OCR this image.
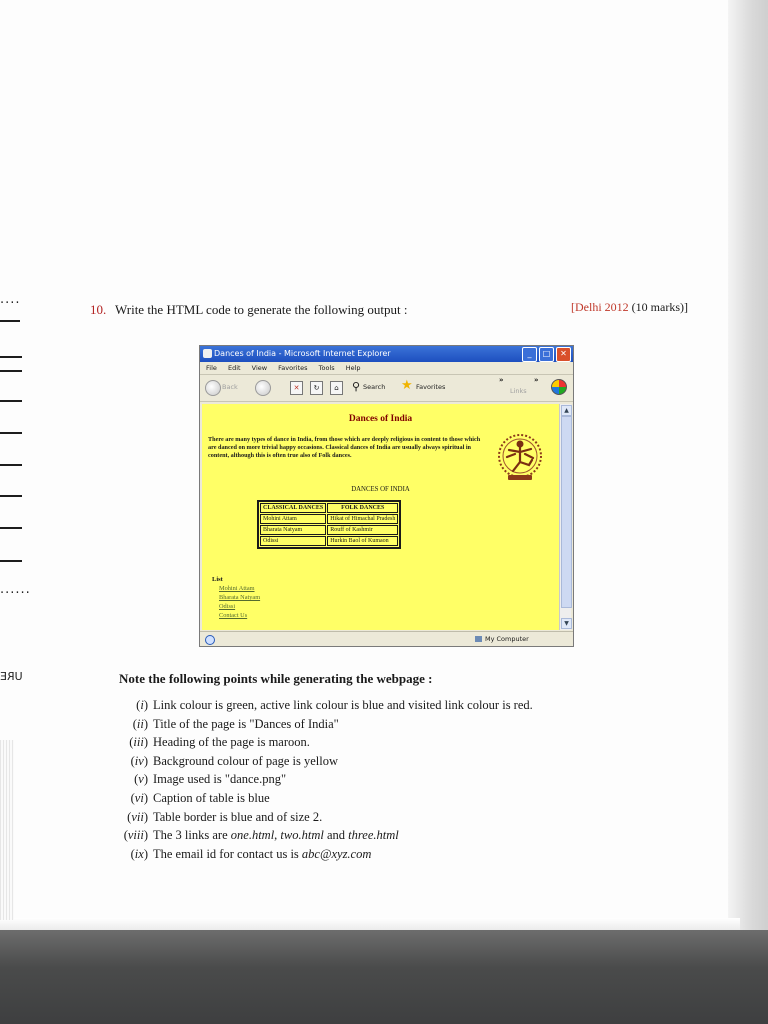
····
······
URE
10. Write the HTML code to generate the following output :	[Delhi 2012 (10 marks)]
Dances of India - Microsoft Internet Explorer	_	□	✕
File Edit View Favorites Tools Help
Back	✕	↻	⌂	⚲ Search ★ Favorites
»
Links
»
Dances of India
There are many types of dance in India, from those which are deeply religious in content to those which are danced on more trivial happy occasions. Classical dances of India are usually always spiritual in content, although this is often true also of Folk dances.
DANCES OF INDIA
CLASSICAL DANCES	FOLK DANCES
Mohini Attam	Hikat of Himachal Pradesh
Bharata Natyam	Rouff of Kashmir
Odissi	Hurkin Baol of Kumaon
List
Mohini Attam
Bharata Natyam
Odissi
Contact Us
▲
▼
My Computer
Note the following points while generating the webpage :
(i) Link colour is green, active link colour is blue and visited link colour is red.
(ii) Title of the page is "Dances of India"
(iii) Heading of the page is maroon.
(iv) Background colour of page is yellow
(v) Image used is "dance.png"
(vi) Caption of table is blue
(vii) Table border is blue and of size 2.
(viii) The 3 links are one.html, two.html and three.html
(ix) The email id for contact us is abc@xyz.com
